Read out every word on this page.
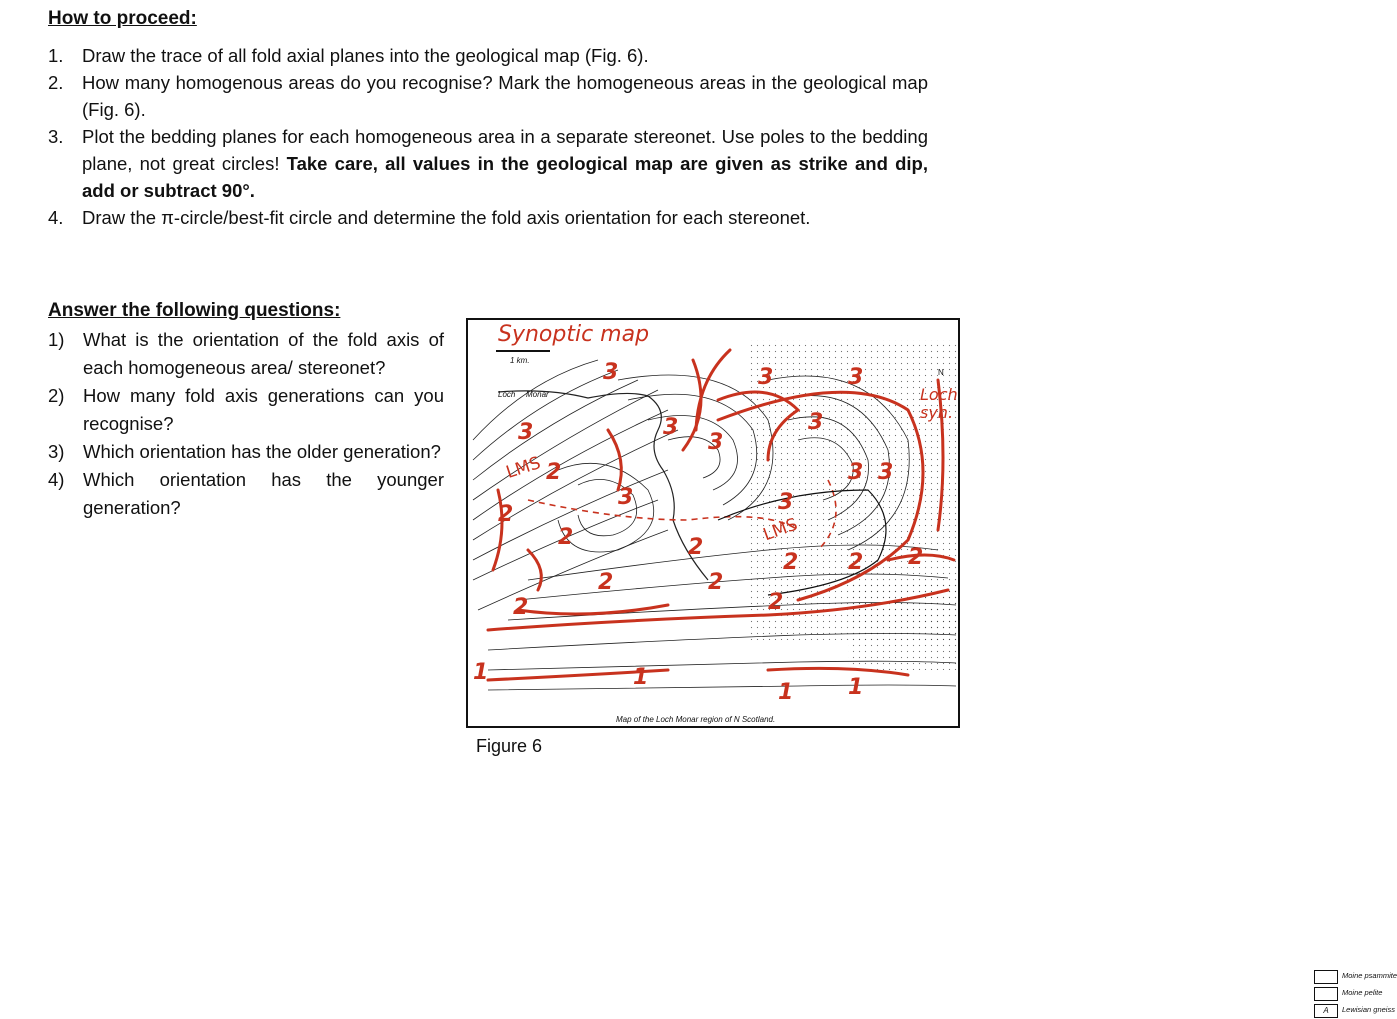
How to proceed:
1. Draw the trace of all fold axial planes into the geological map (Fig. 6).
2. How many homogenous areas do you recognise? Mark the homogeneous areas in the geological map (Fig. 6).
3. Plot the bedding planes for each homogeneous area in a separate stereonet. Use poles to the bedding plane, not great circles! Take care, all values in the geological map are given as strike and dip, add or subtract 90°.
4. Draw the π-circle/best-fit circle and determine the fold axis orientation for each stereonet.
Answer the following questions:
1) What is the orientation of the fold axis of each homogeneous area/ stereonet?
2) How many fold axis generations can you recognise?
3) Which orientation has the older generation?
4) Which orientation has the younger generation?
Synoptic map
1 km.
Loch Monar
N
Loch
syn.
3	3	3
3	3
3
3
3 3
3	3
2
2
2	2
2 2 2
2	2
2
2
1	1
1 1
LMS
LMS
Moine psammite
Moine pelite
A	Lewisian gneiss
Map of the Loch Monar region of N Scotland.
Figure 6
